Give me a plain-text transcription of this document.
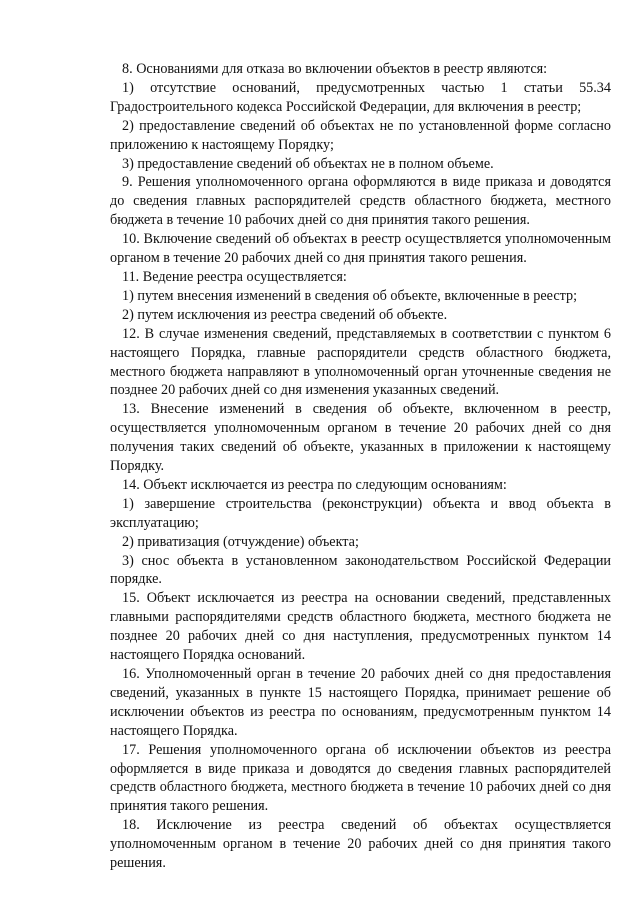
8. Основаниями для отказа во включении объектов в реестр являются:

1) отсутствие оснований, предусмотренных частью 1 статьи 55.34 Градостроительного кодекса Российской Федерации, для включения в реестр;

2) предоставление сведений об объектах не по установленной форме согласно приложению к настоящему Порядку;

3) предоставление сведений об объектах не в полном объеме.

9. Решения уполномоченного органа оформляются в виде приказа и доводятся до сведения главных распорядителей средств областного бюджета, местного бюджета в течение 10 рабочих дней со дня принятия такого решения.

10. Включение сведений об объектах в реестр осуществляется уполномоченным органом в течение 20 рабочих дней со дня принятия такого решения.

11. Ведение реестра осуществляется:

1) путем внесения изменений в сведения об объекте, включенные в реестр;

2) путем исключения из реестра сведений об объекте.

12. В случае изменения сведений, представляемых в соответствии с пунктом 6 настоящего Порядка, главные распорядители средств областного бюджета, местного бюджета направляют в уполномоченный орган уточненные сведения не позднее 20 рабочих дней со дня изменения указанных сведений.

13. Внесение изменений в сведения об объекте, включенном в реестр, осуществляется уполномоченным органом в течение 20 рабочих дней со дня получения таких сведений об объекте, указанных в приложении к настоящему Порядку.

14. Объект исключается из реестра по следующим основаниям:

1) завершение строительства (реконструкции) объекта и ввод объекта в эксплуатацию;

2) приватизация (отчуждение) объекта;

3) снос объекта в установленном законодательством Российской Федерации порядке.

15. Объект исключается из реестра на основании сведений, представленных главными распорядителями средств областного бюджета, местного бюджета не позднее 20 рабочих дней со дня наступления, предусмотренных пунктом 14 настоящего Порядка оснований.

16. Уполномоченный орган в течение 20 рабочих дней со дня предоставления сведений, указанных в пункте 15 настоящего Порядка, принимает решение об исключении объектов из реестра по основаниям, предусмотренным пунктом 14 настоящего Порядка.

17. Решения уполномоченного органа об исключении объектов из реестра оформляется в виде приказа и доводятся до сведения главных распорядителей средств областного бюджета, местного бюджета в течение 10 рабочих дней со дня принятия такого решения.

18. Исключение из реестра сведений об объектах осуществляется уполномоченным органом в течение 20 рабочих дней со дня принятия такого решения.
